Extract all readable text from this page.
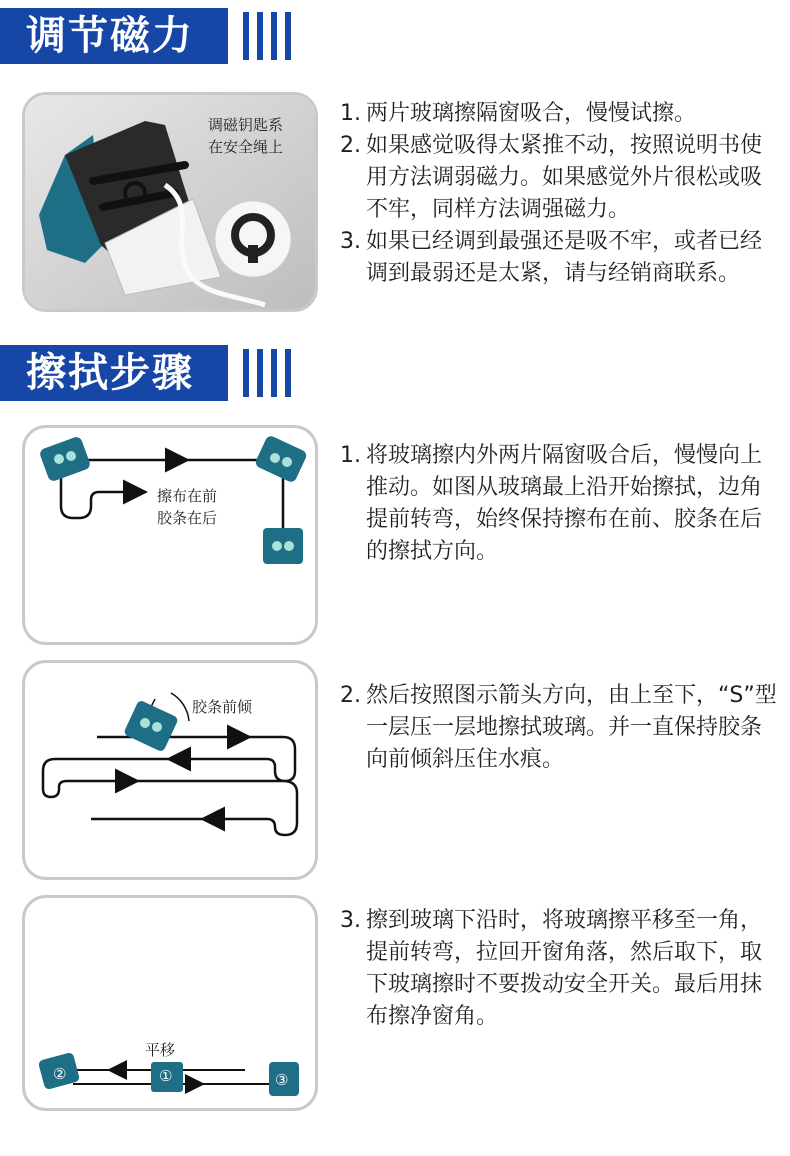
调节磁力
调磁钥匙系
在安全绳上
1. 两片玻璃擦隔窗吸合，慢慢试擦。
2. 如果感觉吸得太紧推不动，按照说明书使用方法调弱磁力。如果感觉外片很松或吸不牢，同样方法调强磁力。
3. 如果已经调到最强还是吸不牢，或者已经调到最弱还是太紧，请与经销商联系。
擦拭步骤
擦布在前
胶条在后
1. 将玻璃擦内外两片隔窗吸合后，慢慢向上推动。如图从玻璃最上沿开始擦拭，边角提前转弯，始终保持擦布在前、胶条在后的擦拭方向。
胶条前倾	2. 然后按照图示箭头方向，由上至下，“S”型一层压一层地擦拭玻璃。并一直保持胶条向前倾斜压住水痕。
平移
②	①	③
3. 擦到玻璃下沿时，将玻璃擦平移至一角，提前转弯，拉回开窗角落，然后取下，取下玻璃擦时不要拨动安全开关。最后用抹布擦净窗角。
